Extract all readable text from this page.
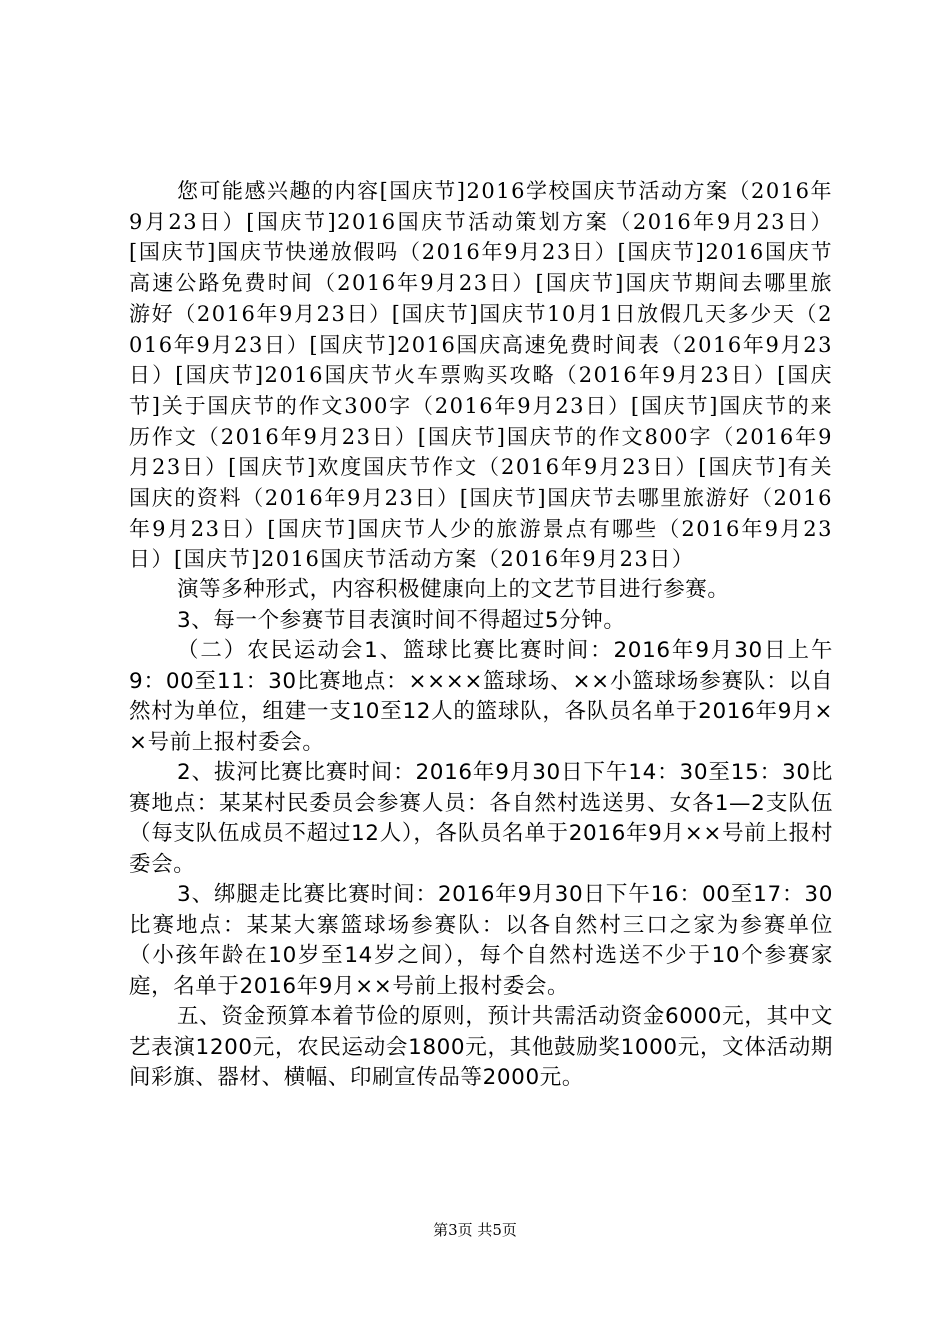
您可能感兴趣的内容[国庆节]2016学校国庆节活动方案（2016年9月23日）[国庆节]2016国庆节活动策划方案（2016年9月23日）[国庆节]国庆节快递放假吗（2016年9月23日）[国庆节]2016国庆节高速公路免费时间（2016年9月23日）[国庆节]国庆节期间去哪里旅游好（2016年9月23日）[国庆节]国庆节10月1日放假几天多少天（2016年9月23日）[国庆节]2016国庆高速免费时间表（2016年9月23日）[国庆节]2016国庆节火车票购买攻略（2016年9月23日）[国庆节]关于国庆节的作文300字（2016年9月23日）[国庆节]国庆节的来历作文（2016年9月23日）[国庆节]国庆节的作文800字（2016年9月23日）[国庆节]欢度国庆节作文（2016年9月23日）[国庆节]有关国庆的资料（2016年9月23日）[国庆节]国庆节去哪里旅游好（2016年9月23日）[国庆节]国庆节人少的旅游景点有哪些（2016年9月23日）[国庆节]2016国庆节活动方案（2016年9月23日）

演等多种形式，内容积极健康向上的文艺节目进行参赛。

3、每一个参赛节目表演时间不得超过5分钟。

（二）农民运动会1、篮球比赛比赛时间：2016年9月30日上午9：00至11：30比赛地点：××××篮球场、××小篮球场参赛队：以自然村为单位，组建一支10至12人的篮球队，各队员名单于2016年9月××号前上报村委会。

2、拔河比赛比赛时间：2016年9月30日下午14：30至15：30比赛地点：某某村民委员会参赛人员：各自然村选送男、女各1—2支队伍（每支队伍成员不超过12人），各队员名单于2016年9月××号前上报村委会。

3、绑腿走比赛比赛时间：2016年9月30日下午16：00至17：30比赛地点：某某大寨篮球场参赛队：以各自然村三口之家为参赛单位（小孩年龄在10岁至14岁之间），每个自然村选送不少于10个参赛家庭，名单于2016年9月××号前上报村委会。

五、资金预算本着节俭的原则，预计共需活动资金6000元，其中文艺表演1200元，农民运动会1800元，其他鼓励奖1000元，文体活动期间彩旗、器材、横幅、印刷宣传品等2000元。

第3页 共5页
